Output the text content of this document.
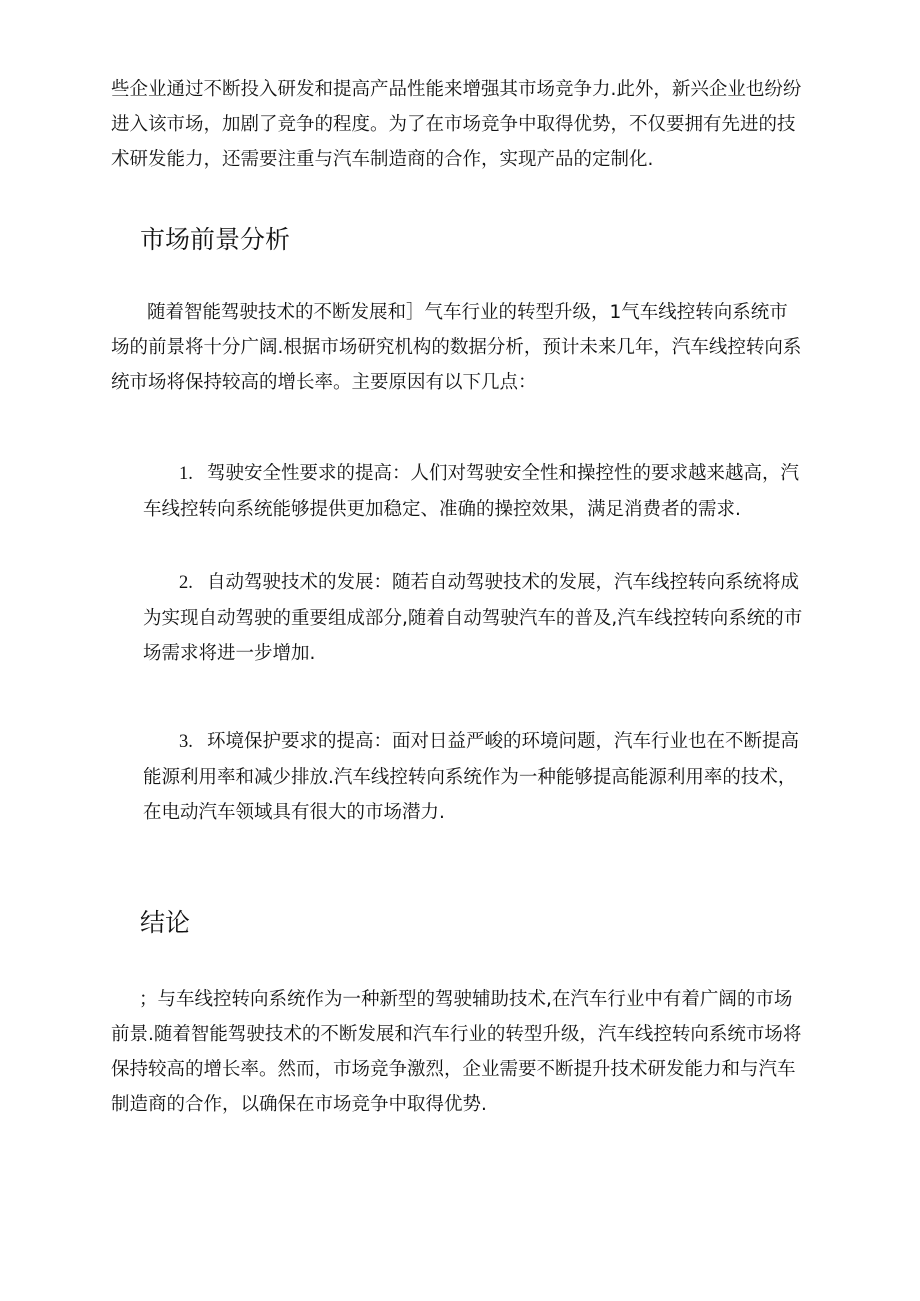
些企业通过不断投入研发和提高产品性能来增强其市场竞争力.此外，新兴企业也纷纷
进入该市场，加剧了竞争的程度。为了在市场竞争中取得优势，不仅要拥有先进的技
术研发能力，还需要注重与汽车制造商的合作，实现产品的定制化.
市场前景分析
随着智能驾驶技术的不断发展和］气车行业的转型升级，1气车线控转向系统市
场的前景将十分广阔.根据市场研究机构的数据分析，预计未来几年，汽车线控转向系
统市场将保持较高的增长率。主要原因有以下几点：
1. 驾驶安全性要求的提高：人们对驾驶安全性和操控性的要求越来越高，汽
车线控转向系统能够提供更加稳定、准确的操控效果，满足消费者的需求.
2. 自动驾驶技术的发展：随若自动驾驶技术的发展，汽车线控转向系统将成
为实现自动驾驶的重要组成部分,随着自动驾驶汽车的普及,汽车线控转向系统的市
场需求将进一步增加.
3. 环境保护要求的提高：面对日益严峻的环境问题，汽车行业也在不断提高
能源利用率和减少排放.汽车线控转向系统作为一种能够提高能源利用率的技术，
在电动汽车领域具有很大的市场潜力.
结论
；与车线控转向系统作为一种新型的驾驶辅助技术,在汽车行业中有着广阔的市场
前景.随着智能驾驶技术的不断发展和汽车行业的转型升级，汽车线控转向系统市场将
保持较高的增长率。然而，市场竞争激烈，企业需要不断提升技术研发能力和与汽车
制造商的合作，以确保在市场竞争中取得优势.
